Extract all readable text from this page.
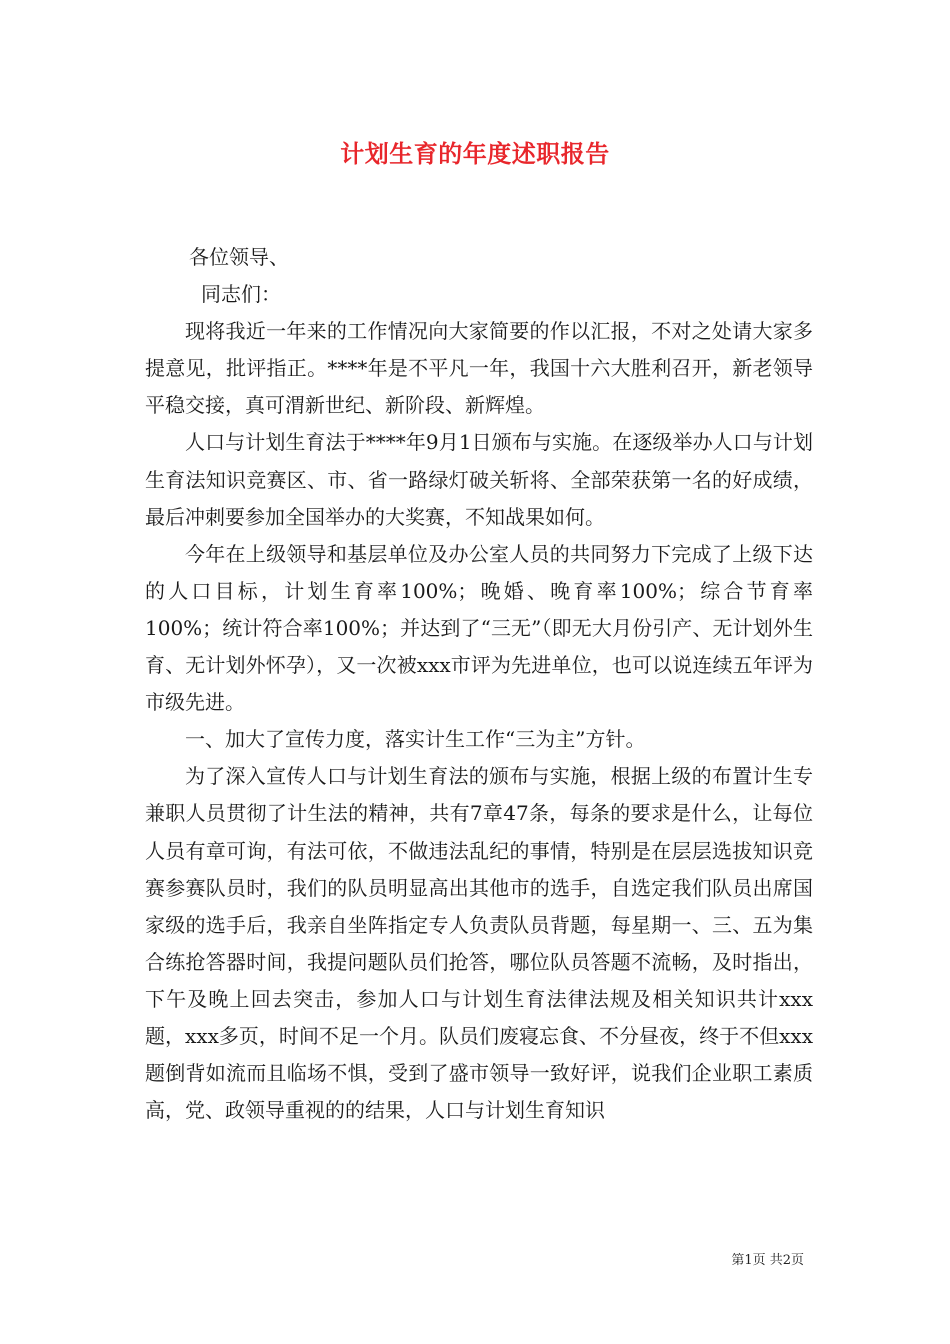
计划生育的年度述职报告

各位领导、

同志们：

现将我近一年来的工作情况向大家简要的作以汇报，不对之处请大家多提意见，批评指正。****年是不平凡一年，我国十六大胜利召开，新老领导平稳交接，真可渭新世纪、新阶段、新辉煌。

人口与计划生育法于****年9月1日颁布与实施。在逐级举办人口与计划生育法知识竞赛区、市、省一路绿灯破关斩将、全部荣获第一名的好成绩，最后冲刺要参加全国举办的大奖赛，不知战果如何。

今年在上级领导和基层单位及办公室人员的共同努力下完成了上级下达的人口目标，计划生育率100%；晚婚、晚育率100%；综合节育率100%；统计符合率100%；并达到了“三无”（即无大月份引产、无计划外生育、无计划外怀孕），又一次被xxx市评为先进单位，也可以说连续五年评为市级先进。

一、加大了宣传力度，落实计生工作“三为主”方针。

为了深入宣传人口与计划生育法的颁布与实施，根据上级的布置计生专兼职人员贯彻了计生法的精神，共有7章47条，每条的要求是什么，让每位人员有章可询，有法可依，不做违法乱纪的事情，特别是在层层选拔知识竞赛参赛队员时，我们的队员明显高出其他市的选手，自选定我们队员出席国家级的选手后，我亲自坐阵指定专人负责队员背题，每星期一、三、五为集合练抢答器时间，我提问题队员们抢答，哪位队员答题不流畅，及时指出，下午及晚上回去突击，参加人口与计划生育法律法规及相关知识共计xxx题，xxx多页，时间不足一个月。队员们废寝忘食、不分昼夜，终于不但xxx题倒背如流而且临场不惧，受到了盛市领导一致好评，说我们企业职工素质高，党、政领导重视的的结果，人口与计划生育知识

第1页 共2页
